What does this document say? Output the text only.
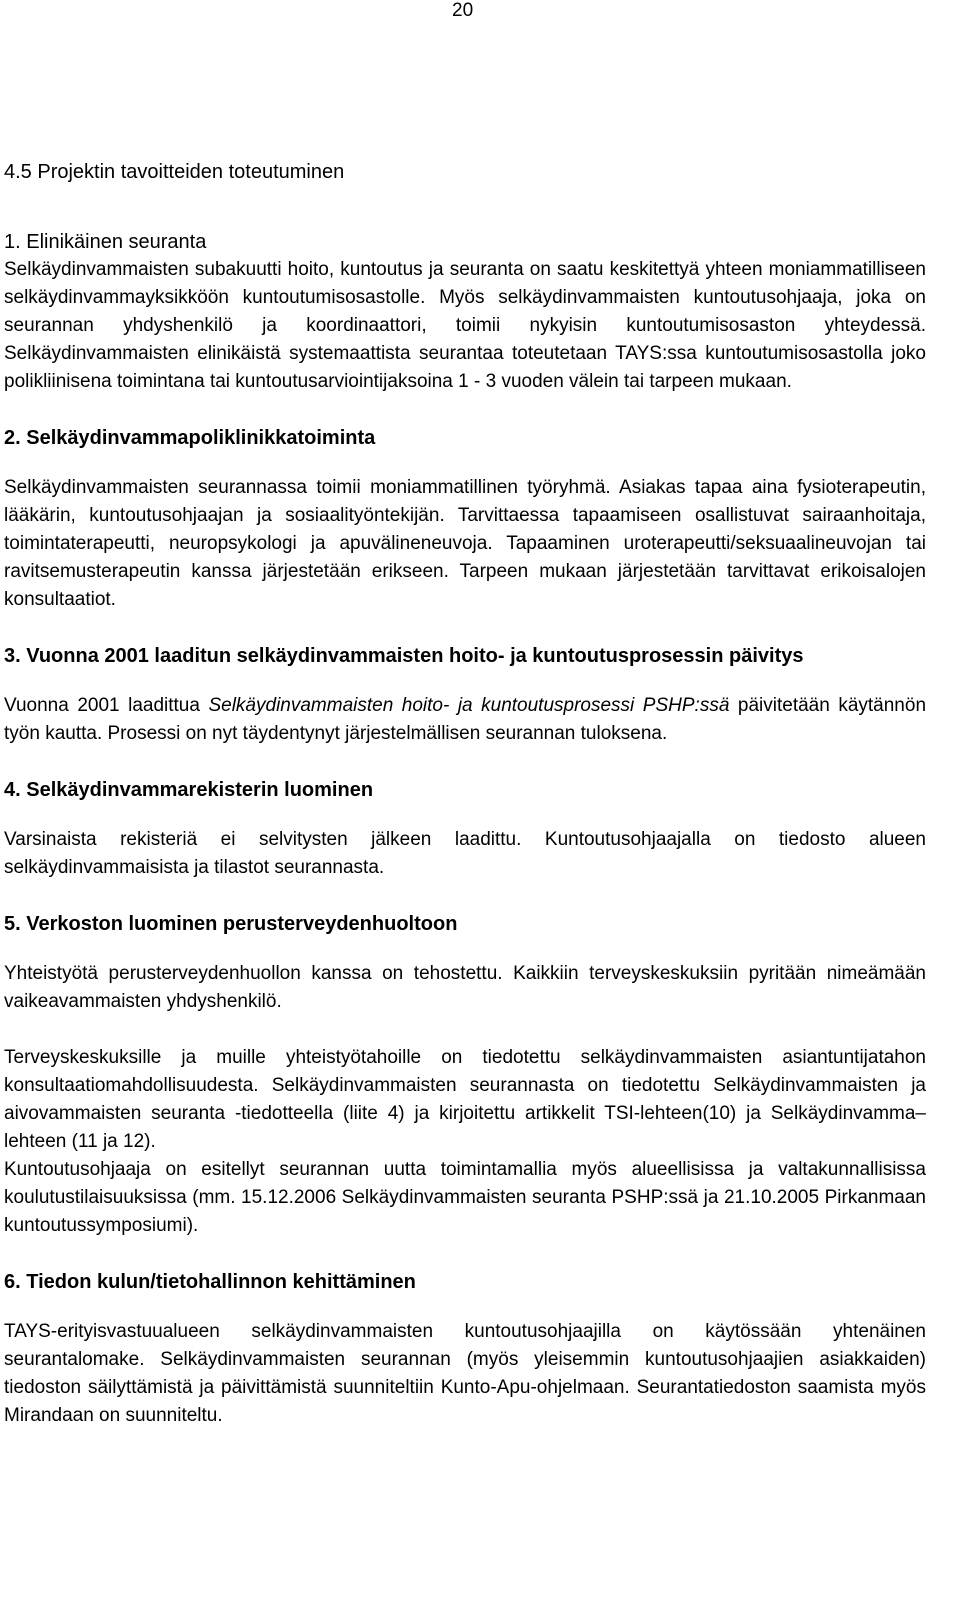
20
4.5 Projektin tavoitteiden toteutuminen
1. Elinikäinen seuranta

Selkäydinvammaisten subakuutti hoito, kuntoutus ja seuranta on saatu keskitettyä yhteen moniammatilliseen selkäydinvammayksikköön kuntoutumisosastolle. Myös selkäydinvammaisten kuntoutusohjaaja, joka on seurannan yhdyshenkilö ja koordinaattori, toimii nykyisin kuntoutumisosaston yhteydessä. Selkäydinvammaisten elinikäistä systemaattista seurantaa toteutetaan TAYS:ssa kuntoutumisosastolla joko polikliinisena toimintana tai kuntoutusarviointijaksoina 1 - 3 vuoden välein tai tarpeen mukaan.

2. Selkäydinvammapoliklinikkatoiminta

Selkäydinvammaisten seurannassa toimii moniammatillinen työryhmä. Asiakas tapaa aina fysioterapeutin, lääkärin, kuntoutusohjaajan ja sosiaalityöntekijän. Tarvittaessa tapaamiseen osallistuvat sairaanhoitaja, toimintaterapeutti, neuropsykologi ja apuvälineneuvoja. Tapaaminen uroterapeutti/seksuaalineuvojan tai ravitsemusterapeutin kanssa järjestetään erikseen. Tarpeen mukaan järjestetään tarvittavat erikoisalojen konsultaatiot.

3. Vuonna 2001 laaditun selkäydinvammaisten hoito- ja kuntoutusprosessin päivitys

Vuonna 2001 laadittua Selkäydinvammaisten hoito- ja kuntoutusprosessi PSHP:ssä päivitetään käytännön työn kautta. Prosessi on nyt täydentynyt järjestelmällisen seurannan tuloksena.

4. Selkäydinvammarekisterin luominen

Varsinaista rekisteriä ei selvitysten jälkeen laadittu. Kuntoutusohjaajalla on tiedosto alueen selkäydinvammaisista ja tilastot seurannasta.

5. Verkoston luominen perusterveydenhuoltoon

Yhteistyötä perusterveydenhuollon kanssa on tehostettu. Kaikkiin terveyskeskuksiin pyritään nimeämään vaikeavammaisten yhdyshenkilö.

Terveyskeskuksille ja muille yhteistyötahoille on tiedotettu selkäydinvammaisten asiantuntijatahon konsultaatiomahdollisuudesta. Selkäydinvammaisten seurannasta on tiedotettu Selkäydinvammaisten ja aivovammaisten seuranta -tiedotteella (liite 4) ja kirjoitettu artikkelit TSI-lehteen(10) ja Selkäydinvamma–lehteen (11 ja 12).

Kuntoutusohjaaja on esitellyt seurannan uutta toimintamallia myös alueellisissa ja valtakunnallisissa koulutustilaisuuksissa (mm. 15.12.2006 Selkäydinvammaisten seuranta PSHP:ssä ja 21.10.2005 Pirkanmaan kuntoutussymposiumi).

6. Tiedon kulun/tietohallinnon kehittäminen

TAYS-erityisvastuualueen selkäydinvammaisten kuntoutusohjaajilla on käytössään yhtenäinen seurantalomake. Selkäydinvammaisten seurannan (myös yleisemmin kuntoutusohjaajien asiakkaiden) tiedoston säilyttämistä ja päivittämistä suunniteltiin Kunto-Apu-ohjelmaan. Seurantatiedoston saamista myös Mirandaan on suunniteltu.
